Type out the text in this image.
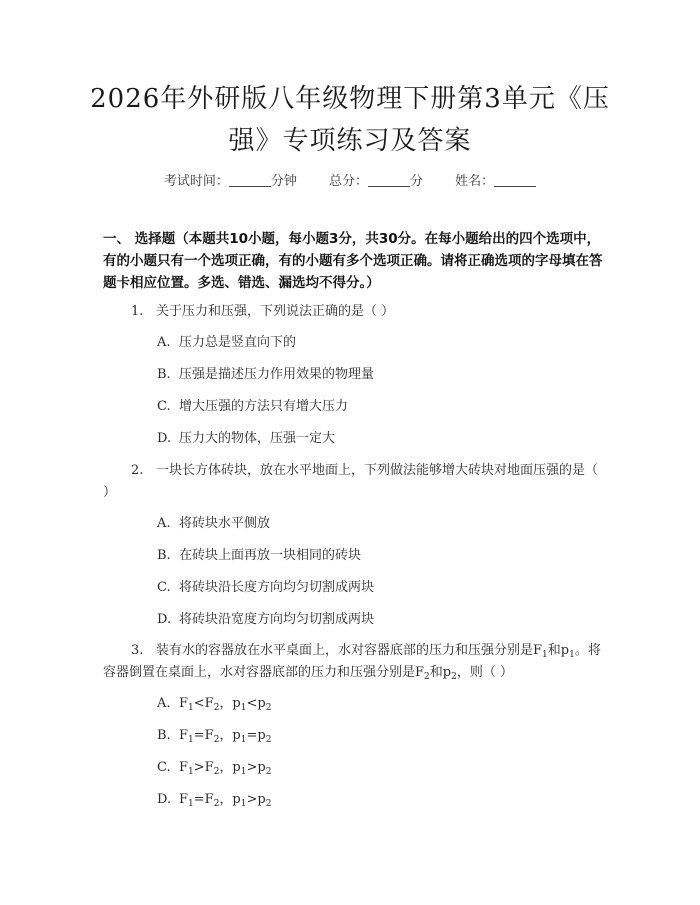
2026年外研版八年级物理下册第3单元《压
强》专项练习及答案
考试时间：	分钟 总分：	分 姓名：
一、 选择题（本题共10小题，每小题3分，共30分。在每小题给出的四个选项中，有的小题只有一个选项正确，有的小题有多个选项正确。请将正确选项的字母填在答题卡相应位置。多选、错选、漏选均不得分。）
1. 关于压力和压强，下列说法正确的是（ ）
A. 压力总是竖直向下的
B. 压强是描述压力作用效果的物理量
C. 增大压强的方法只有增大压力
D. 压力大的物体，压强一定大
2. 一块长方体砖块，放在水平地面上，下列做法能够增大砖块对地面压强的是（ ）
A. 将砖块水平侧放
B. 在砖块上面再放一块相同的砖块
C. 将砖块沿长度方向均匀切割成两块
D. 将砖块沿宽度方向均匀切割成两块
3. 装有水的容器放在水平桌面上，水对容器底部的压力和压强分别是$F_1$和$p_1$。将容器倒置在桌面上，水对容器底部的压力和压强分别是$F_2$和$p_2$，则（ ）
A. $F_1<F_2$，$p_1<p_2$
B. $F_1=F_2$，$p_1=p_2$
C. $F_1>F_2$，$p_1>p_2$
D. $F_1=F_2$，$p_1>p_2$
